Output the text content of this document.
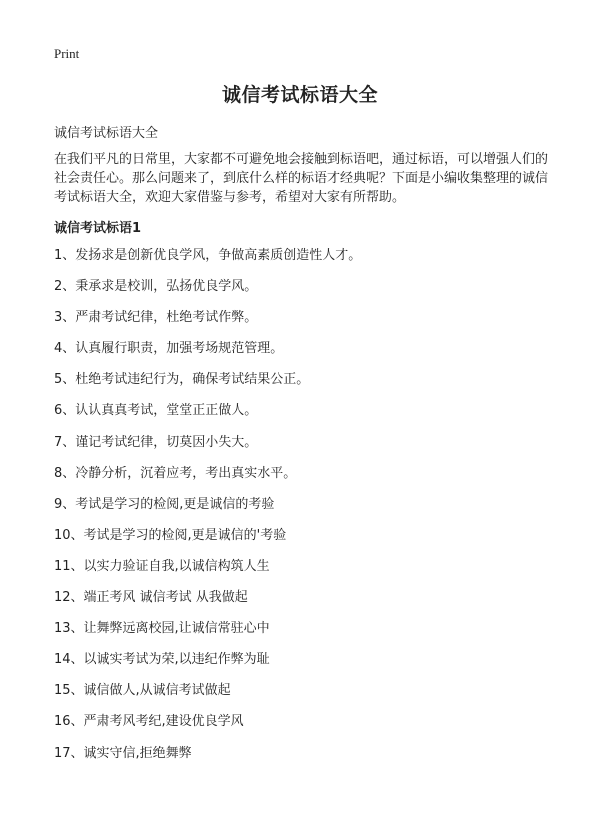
Print
诚信考试标语大全
诚信考试标语大全
在我们平凡的日常里，大家都不可避免地会接触到标语吧，通过标语，可以增强人们的社会责任心。那么问题来了，到底什么样的标语才经典呢？下面是小编收集整理的诚信考试标语大全，欢迎大家借鉴与参考，希望对大家有所帮助。
诚信考试标语1
1、发扬求是创新优良学风，争做高素质创造性人才。
2、秉承求是校训，弘扬优良学风。
3、严肃考试纪律，杜绝考试作弊。
4、认真履行职责，加强考场规范管理。
5、杜绝考试违纪行为，确保考试结果公正。
6、认认真真考试，堂堂正正做人。
7、谨记考试纪律，切莫因小失大。
8、冷静分析，沉着应考，考出真实水平。
9、考试是学习的检阅,更是诚信的考验
10、考试是学习的检阅,更是诚信的'考验
11、以实力验证自我,以诚信构筑人生
12、端正考风 诚信考试 从我做起
13、让舞弊远离校园,让诚信常驻心中
14、以诚实考试为荣,以违纪作弊为耻
15、诚信做人,从诚信考试做起
16、严肃考风考纪,建设优良学风
17、诚实守信,拒绝舞弊
